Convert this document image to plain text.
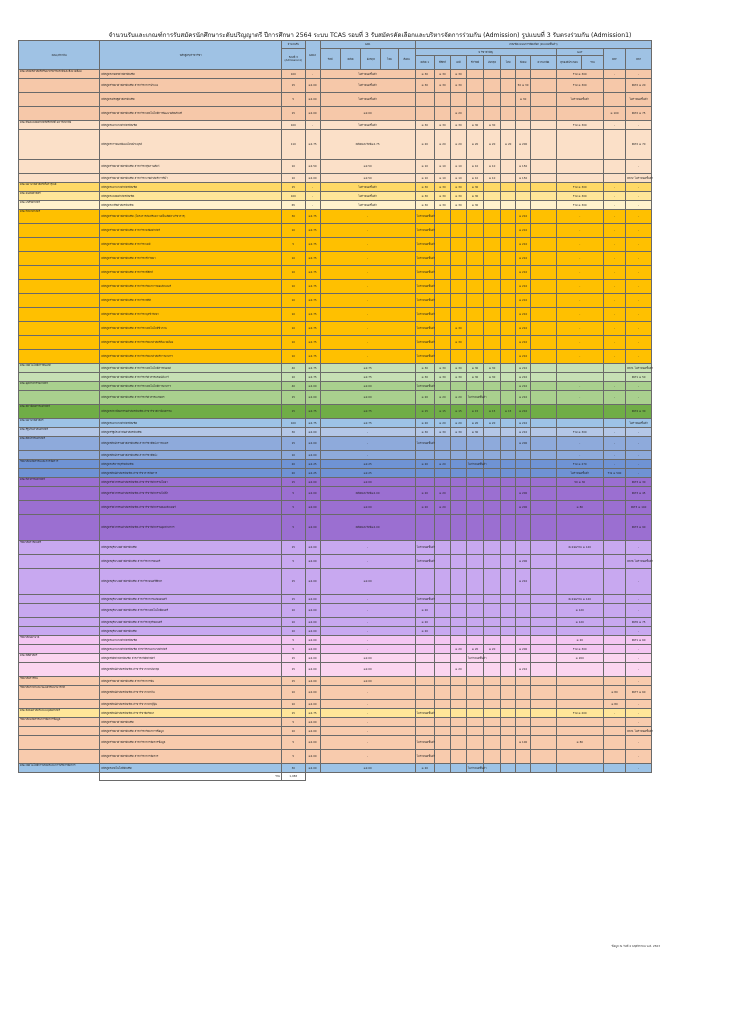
จำนวนรับและเกณฑ์การรับสมัครนักศึกษาระดับปริญญาตรี ปีการศึกษา 2564 ระบบ TCAS รอบที่ 3 รับสมัครคัดเลือกและบริหารจัดการร่วมกัน (Admission) รูปแบบที่ 3 รับตรงร่วมกัน (Admission1)
คณะ/สถาบัน	หลักสูตร/สาขาวิชา	จำนวนรับ	GPAX	GPA					เกณฑ์คะแนนการคัดเลือก (คะแนนขั้นต่ำ)											
		รอบที่ 3 (Admission1)		วิทย์	คณิต	อังกฤษ	ไทย	สังคม	9 วิชาสามัญ								GAT		PAT	PAT
									คณิต 1	ฟิสิกส์	เคมี	ชีววิทย์	อังกฤษ	ไทย	สังคม	ความถนัด	ทุกองค์ประกอบ	รวม		
คณะเกษตรศาสตร์ทรัพยากรธรรมชาติและสิ่งแวดล้อม	หลักสูตรเกษตรศาสตรบัณฑิต	100	-	ไม่กำหนดขั้นต่ำ					≥ 30	≥ 30	≥ 30						รวม ≥ 300		-	-
	หลักสูตรวิทยาศาสตรบัณฑิต สาขาวิชาการประมง	15	≥2.00	ไม่กำหนดขั้นต่ำ					≥ 30	≥ 30	≥ 30				50 ≥ 30		รวม ≥ 300			PAT2 ≥ 20
	หลักสูตรเศรษฐศาสตรบัณฑิต	5	≥2.00	ไม่กำหนดขั้นต่ำ											≥ 30		ไม่กำหนดขั้นต่ำ			ไม่กำหนดขั้นต่ำ
	หลักสูตรวิทยาศาสตรบัณฑิต สาขาวิชาเทคโนโลยีการพัฒนาผลิตภัณฑ์	15	≥2.00	≥2.00							≥ 20								≥ 100	PAT2 ≥ 75
คณะทันตแพทยศาสตร์ศรีสวัสดิ์ มหาวิทยาลัย	หลักสูตรพยาบาลศาสตรบัณฑิต	100	-	ไม่กำหนดขั้นต่ำ					≥ 30	≥ 30	≥ 30	≥ 30	≥ 30				รวม ≥ 300		-	-
	หลักสูตรการแพทย์แผนไทยประยุกต์	110	≥2.75	คณิตและวิทย์≥2.75					≥ 20	≥ 20	≥ 20	≥ 20	≥ 20	≥ 20	≥ 200					PAT2 ≥ 70
	หลักสูตรวิทยาศาสตรบัณฑิต สาขาวิชาสุขภาพสัตว์	10	≥2.50	≥2.50					≥ 10	≥ 10	≥ 10	≥ 10	≥ 10		≥ 150					-
	หลักสูตรวิทยาศาสตรบัณฑิต สาขาวิชาเวชศาสตร์การกีฬา	10	≥2.00	≥2.50					≥ 10	≥ 10	≥ 10	≥ 10	≥ 10		≥ 150					PAT2 ไม่กำหนดขั้นต่ำ
คณะพยาบาลศาสตร์เกื้อการุณย์	หลักสูตรพยาบาลศาสตรบัณฑิต	15	-	ไม่กำหนดขั้นต่ำ					≥ 30	≥ 30	≥ 30	≥ 30					รวม ≥ 300		-	-
คณะแพทยศาสตร์	หลักสูตรแพทยศาสตรบัณฑิต	100	-	ไม่กำหนดขั้นต่ำ					≥ 30	≥ 30	≥ 30	≥ 30					รวม ≥ 300		-	-
คณะเภสัชศาสตร์	หลักสูตรเภสัชศาสตรบัณฑิต	65	-	ไม่กำหนดขั้นต่ำ					≥ 30	≥ 30	≥ 30	≥ 30					รวม ≥ 300		-	-
คณะวิทยาศาสตร์	หลักสูตรวิทยาศาสตรบัณฑิต (โครงการส่งเสริมความเป็นเลิศทางวิชาการ)	30	≥2.75	-					ไม่กำหนดขั้นต่ำ						≥ 210		-		-	-
	หลักสูตรวิทยาศาสตรบัณฑิต สาขาวิชาคณิตศาสตร์	10	≥2.75	-					ไม่กำหนดขั้นต่ำ						≥ 210		-		-	-
	หลักสูตรวิทยาศาสตรบัณฑิต สาขาวิชาเคมี	5	≥2.75	-					ไม่กำหนดขั้นต่ำ						≥ 210		-		-	-
	หลักสูตรวิทยาศาสตรบัณฑิต สาขาวิชาชีววิทยา	10	≥2.75	-					ไม่กำหนดขั้นต่ำ						≥ 210		-		-	-
	หลักสูตรวิทยาศาสตรบัณฑิต สาขาวิชาฟิสิกส์	10	≥2.75	-					ไม่กำหนดขั้นต่ำ						≥ 210		-		-	-
	หลักสูตรวิทยาศาสตรบัณฑิต สาขาวิชาวิทยาการคอมพิวเตอร์	10	≥2.75	-					ไม่กำหนดขั้นต่ำ						≥ 210		-		-	-
	หลักสูตรวิทยาศาสตรบัณฑิต สาขาวิชาสถิติ	10	≥2.75	-					ไม่กำหนดขั้นต่ำ						≥ 210		-		-	-
	หลักสูตรวิทยาศาสตรบัณฑิต สาขาวิชาจุลชีววิทยา	10	≥2.75	-					ไม่กำหนดขั้นต่ำ						≥ 210		-		-	-
	หลักสูตรวิทยาศาสตรบัณฑิต สาขาวิชาเทคโนโลยีชีวภาพ	10	≥2.75	-					ไม่กำหนดขั้นต่ำ		≥ 30				≥ 210		-		-	-
	หลักสูตรวิทยาศาสตรบัณฑิต สาขาวิชาวิทยาศาสตร์สิ่งแวดล้อม	10	≥2.75	-					ไม่กำหนดขั้นต่ำ		≥ 30				≥ 210		-		-	-
	หลักสูตรวิทยาศาสตรบัณฑิต สาขาวิชาวิทยาศาสตร์การอาหาร	10	≥2.75	-					ไม่กำหนดขั้นต่ำ						≥ 210		-		-	-
คณะเทคโนโลยีสารสนเทศ	หลักสูตรวิทยาศาสตรบัณฑิต สาขาวิชาเทคโนโลยีสารสนเทศ	40	≥2.75	≥2.75					≥ 30	≥ 30	≥ 30	≥ 30	≥ 30		≥ 210					PAT1 ไม่กำหนดขั้นต่ำ
	หลักสูตรวิทยาศาสตรบัณฑิต สาขาวิชาวิศวกรรมซอฟต์แวร์	10	≥2.75	≥2.75					≥ 30	≥ 30	≥ 30	≥ 30	≥ 30		≥ 210					PAT1 ≥ 50
คณะอุตสาหกรรมเกษตร	หลักสูตรวิทยาศาสตรบัณฑิต สาขาวิชาเทคโนโลยีการอาหาร	40	≥2.00	≥2.00					ไม่กำหนดขั้นต่ำ						≥ 210		-		-	-
	หลักสูตรวิทยาศาสตรบัณฑิต สาขาวิชาวิศวกรรมเกษตร	15	≥2.00	≥2.00					≥ 20	≥ 20	≥ 20	ไม่กำหนดขั้นต่ำ			≥ 210		-		-	-
คณะสถาปัตยกรรมศาสตร์	หลักสูตรสถาปัตยกรรมศาสตรบัณฑิต สาขาวิชาสถาปัตยกรรม	15	≥2.75	≥2.75					≥ 15	≥ 15	≥ 15	≥ 15	≥ 15	≥ 15	≥ 210					PAT4 ≥ 30
คณะพยาบาลศาสตร์	หลักสูตรพยาบาลศาสตรบัณฑิต	100	≥2.75	≥2.75					≥ 20	≥ 20	≥ 20	≥ 20	≥ 20		≥ 210					ไม่กำหนดขั้นต่ำ
คณะรัฐประศาสนศาสตร์	หลักสูตรรัฐประศาสนศาสตรบัณฑิต	30	≥2.00	-					≥ 30	≥ 30	≥ 30	≥ 30			≥ 210		รวม ≥ 300		-	-
คณะศิลปกรรมศาสตร์	หลักสูตรศิลปกรรมศาสตรบัณฑิต สาขาวิชาศิลปะการละคร	15	≥2.00	-					ไม่กำหนดขั้นต่ำ						≥ 200		-		-	-
	หลักสูตรศิลปกรรมศาสตรบัณฑิต สาขาวิชาศิลปะ	10	≥2.00	-													-		-	-
วิทยาลัยนวัตกรรมและการจัดการ	หลักสูตรบริหารธุรกิจบัณฑิต	20	≥2.25	≥2.25					≥ 20	≥ 20		ไม่กำหนดขั้นต่ำ					รวม ≥ 270		-	-
	หลักสูตรศิลปศาสตรบัณฑิต สาขาวิชาการจัดการ	20	≥2.25	≥2.25													ไม่กำหนดขั้นต่ำ		รวม ≥ 500	-
คณะวิศวกรรมศาสตร์	หลักสูตรวิศวกรรมศาสตรบัณฑิต สาขาวิชาวิศวกรรมโยธา	15	≥2.00	≥2.00													50 ≥ 30			PAT3 ≥ 30
	หลักสูตรวิศวกรรมศาสตรบัณฑิต สาขาวิชาวิศวกรรมไฟฟ้า	5	≥2.00	คณิตและวิทย์≥2.00					≥ 20	≥ 20					≥ 200					PAT3 ≥ 45
	หลักสูตรวิศวกรรมศาสตรบัณฑิต สาขาวิชาวิศวกรรมคอมพิวเตอร์	5	≥2.00	≥2.00					≥ 20	≥ 20					≥ 200		≥ 80			PAT3 ≥ 140
	หลักสูตรวิศวกรรมศาสตรบัณฑิต สาขาวิชาวิศวกรรมอุตสาหการ	5	≥2.00	คณิตและวิทย์≥2.00																PAT3 ≥ 90
วิทยาลัยการดนตรี	หลักสูตรดุริยางคศาสตรบัณฑิต	15	≥2.00	-					ไม่กำหนดขั้นต่ำ								คะแนนรวม ≥ 120			-
	หลักสูตรดุริยางคศาสตรบัณฑิต สาขาวิชาการดนตรี	5	≥2.00	-					ไม่กำหนดขั้นต่ำ						≥ 200					PAT6 ไม่กำหนดขั้นต่ำ
	หลักสูตรดุริยางคศาสตรบัณฑิต สาขาวิชาดนตรีศึกษา	15	≥2.00	≥2.00											≥ 210					-
	หลักสูตรดุริยางคศาสตรบัณฑิต สาขาวิชาการแสดงดนตรี	15	≥2.00	-					ไม่กำหนดขั้นต่ำ								คะแนนรวม ≥ 120			-
	หลักสูตรดุริยางคศาสตรบัณฑิต สาขาวิชาเทคโนโลยีดนตรี	10	≥2.00	-					≥ 20								≥ 120			-
	หลักสูตรดุริยางคศาสตรบัณฑิต สาขาวิชาธุรกิจดนตรี	10	≥2.00	-					≥ 20								≥ 120			PAT6 ≥ 75
	หลักสูตรดุริยางคศาสตรบัณฑิต	10	≥2.00	-					≥ 20											-
วิทยาลัยพยาบาล	หลักสูตรพยาบาลศาสตรบัณฑิต	5	≥2.00	-													≥ 20			PAT1 ≥ 60
	หลักสูตรพยาบาลศาสตรบัณฑิต สาขาวิชาพยาบาลศาสตร์	5	≥2.00	-							≥ 20	≥ 20	≥ 20		≥ 200		รวม ≥ 300			-
คณะนิติศาสตร์	หลักสูตรนิติศาสตรบัณฑิต สาขาวิชานิติศาสตร์	15	≥2.00	≥2.00								ไม่กำหนดขั้นต่ำ					≥ 200			-
	หลักสูตรศิลปศาสตรบัณฑิต สาขาวิชาภาษาอังกฤษ	15	≥2.00	≥2.00							≥ 20				≥ 210					-
วิทยาลัยการบิน	หลักสูตรวิทยาศาสตรบัณฑิต สาขาวิชาการบิน	15	≥2.00	≥2.00																-
วิทยาลัยภาษาและวัฒนธรรมนานาชาติ	หลักสูตรศิลปศาสตรบัณฑิต สาขาวิชาภาษาจีน	10	≥2.00	-															≥ 80	PAT7 ≥ 60
	หลักสูตรศิลปศาสตรบัณฑิต สาขาวิชาภาษาญี่ปุ่น	10	≥2.00	-															≥ 80	-
คณะสังคมศาสตร์และมนุษยศาสตร์	หลักสูตรศิลปศาสตรบัณฑิต สาขาวิชาจิตวิทยา	15	≥2.75	-					ไม่กำหนดขั้นต่ำ								รวม ≥ 200		-	-
วิทยาลัยนวัตกรรมการจัดการข้อมูล	หลักสูตรวิทยาศาสตรบัณฑิต	5	≥2.00	-																-
	หลักสูตรวิทยาศาสตรบัณฑิต สาขาวิชาวิทยาการข้อมูล	10	≥2.00	-																PAT1 ไม่กำหนดขั้นต่ำ
	หลักสูตรวิทยาศาสตรบัณฑิต สาขาวิชาการจัดการข้อมูล	5	≥2.00	-					ไม่กำหนดขั้นต่ำ						≥ 100		≥ 80			-
	หลักสูตรวิทยาศาสตรบัณฑิต สาขาวิชาการจัดการ	5	≥2.00	-					ไม่กำหนดขั้นต่ำ											-
คณะเทคโนโลยีการเกษตรและการบริหารจัดการ	หลักสูตรเทคโนโลยีบัณฑิต	30	≥2.00	≥2.00					≥ 20			ไม่กำหนดขั้นต่ำ								-
	รวม	1,983																		
ข้อมูล ณ วันที่ 4 พฤศจิกายน พ.ศ. 2563
